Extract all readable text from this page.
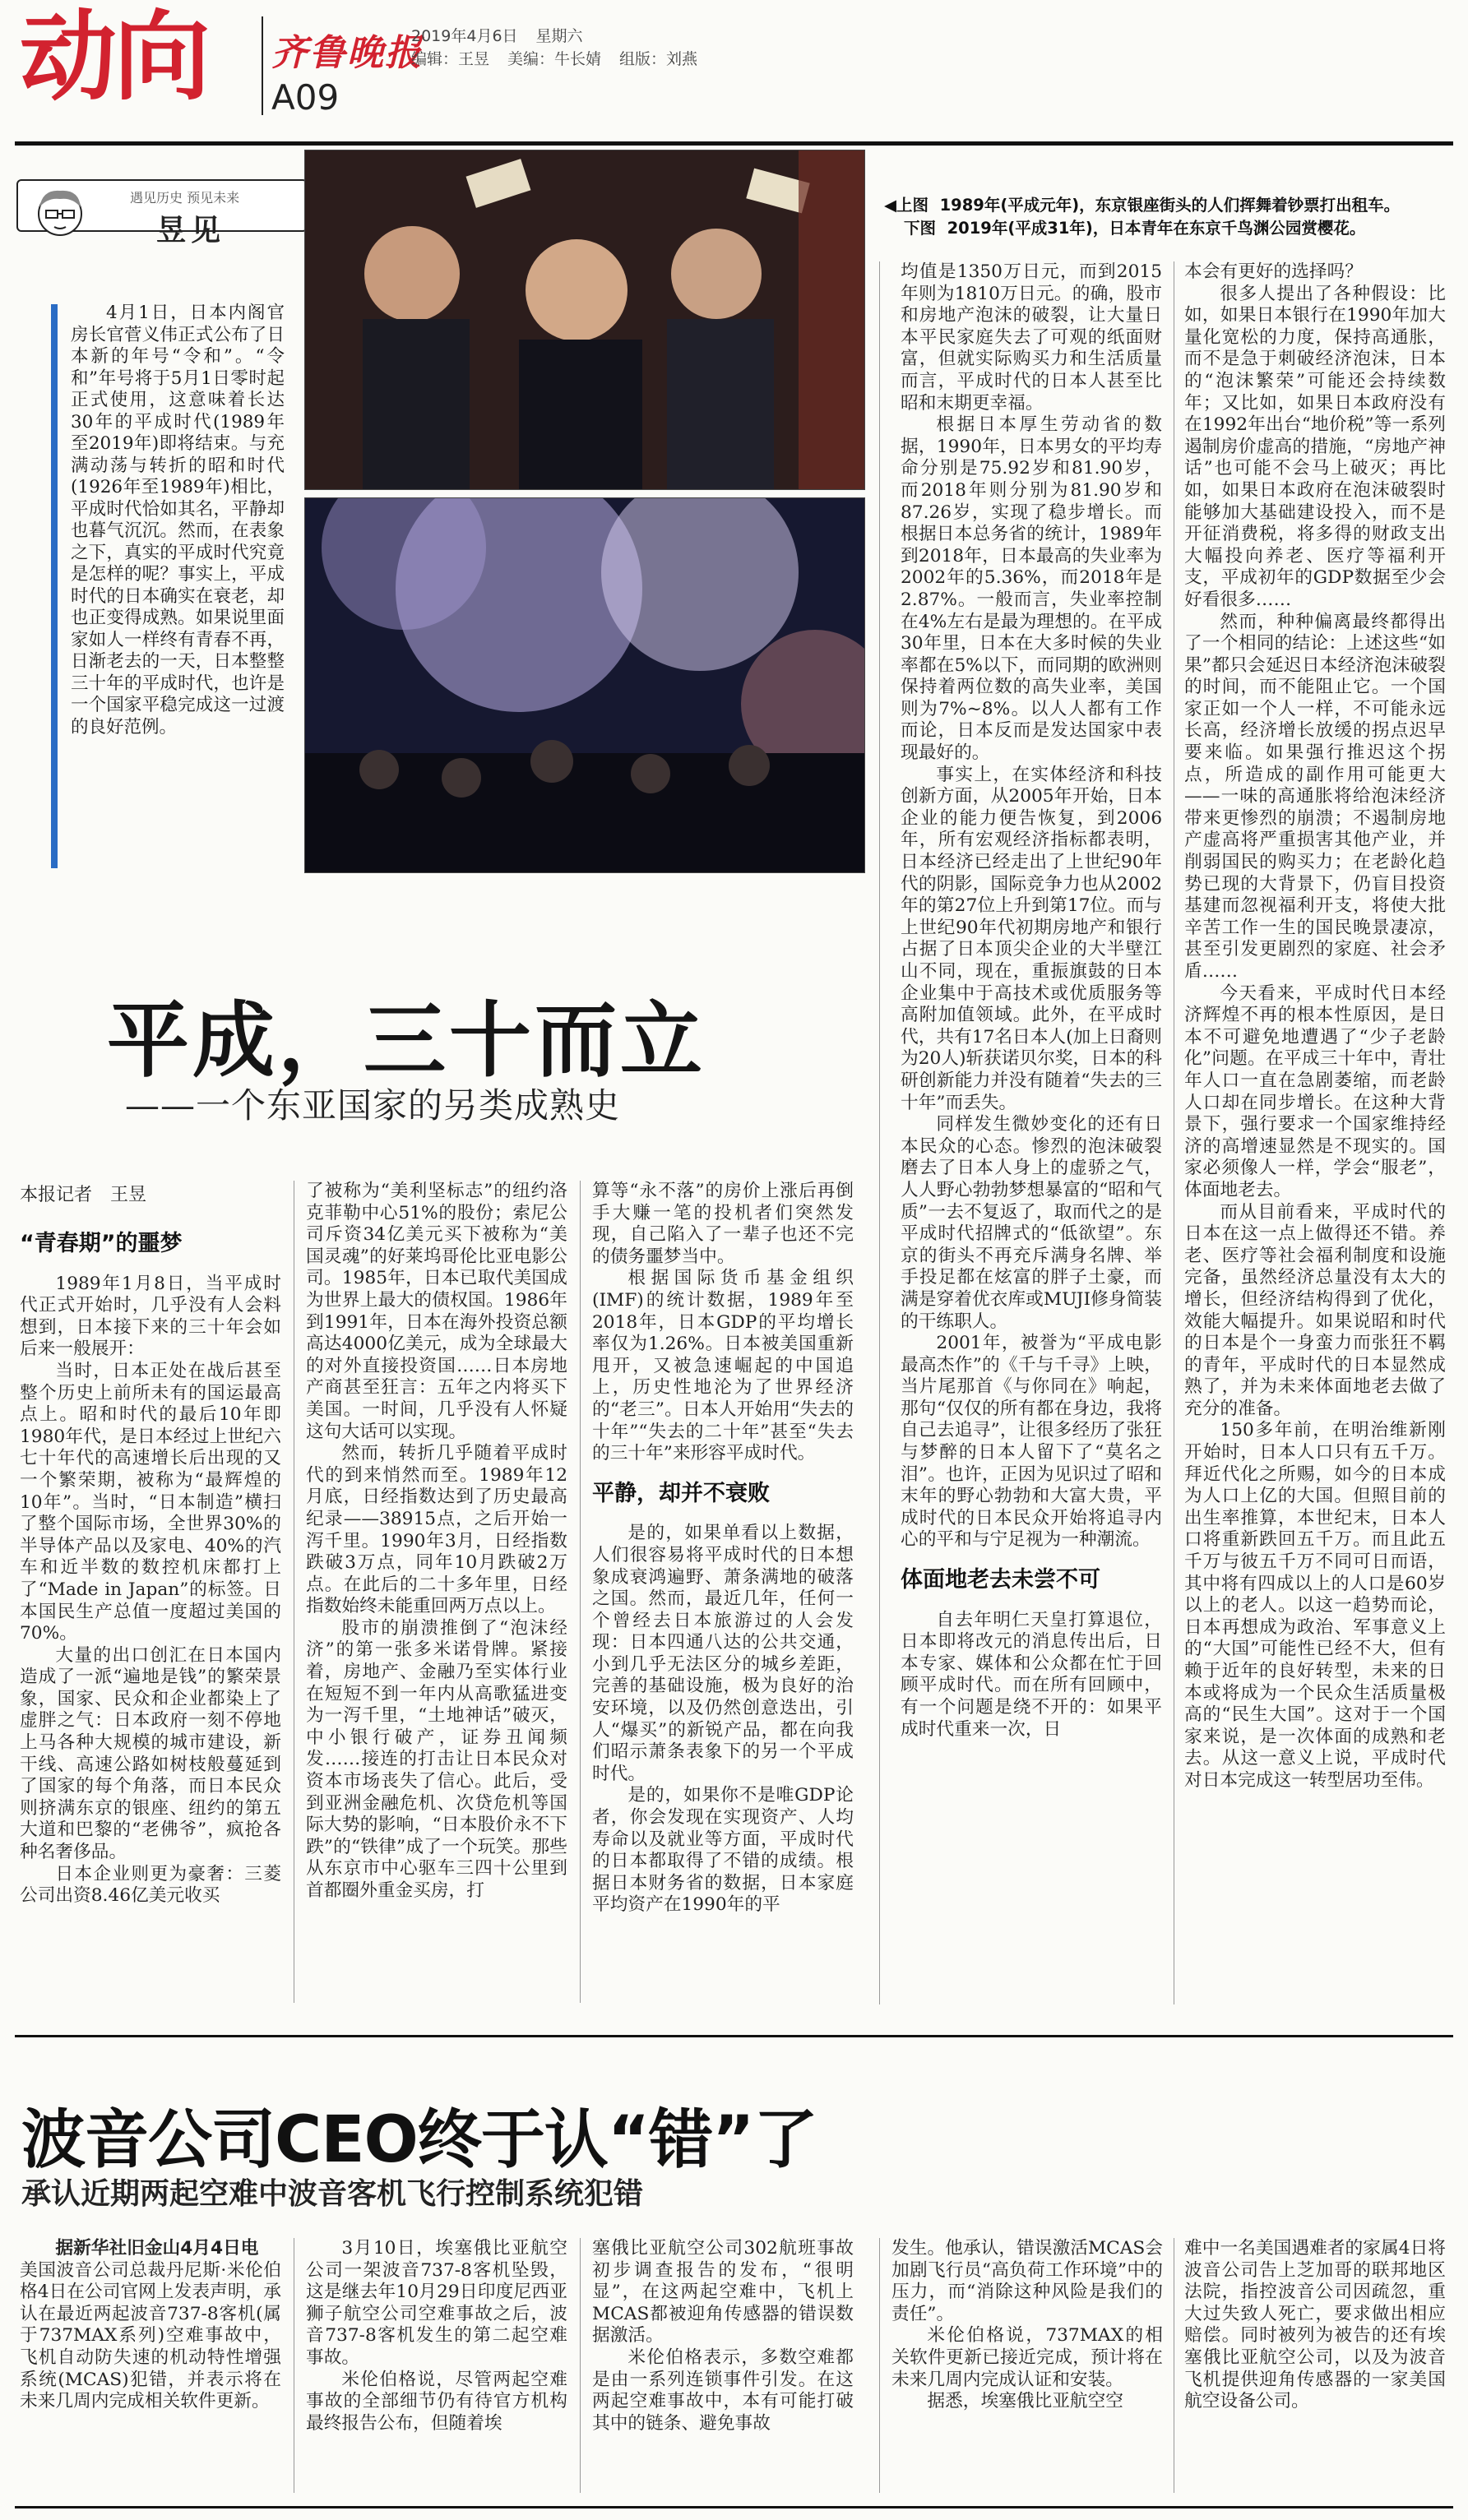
动向 齐鲁晚报
A09
2019年4月6日 星期六
编辑：王昱 美编：牛长婧 组版：刘燕
遇见历史 预见未来
昱见
4月1日，日本内阁官房长官菅义伟正式公布了日本新的年号“令和”。“令和”年号将于5月1日零时起正式使用，这意味着长达30年的平成时代(1989年至2019年)即将结束。与充满动荡与转折的昭和时代(1926年至1989年)相比，平成时代恰如其名，平静却也暮气沉沉。然而，在表象之下，真实的平成时代究竟是怎样的呢？事实上，平成时代的日本确实在衰老，却也正变得成熟。如果说里面家如人一样终有青春不再，日渐老去的一天，日本整整三十年的平成时代，也许是一个国家平稳完成这一过渡的良好范例。
◀上图 1989年(平成元年)，东京银座街头的人们挥舞着钞票打出租车。
下图 2019年(平成31年)，日本青年在东京千鸟渊公园赏樱花。

均值是1350万日元，而到2015年则为1810万日元。的确，股市和房地产泡沫的破裂，让大量日本平民家庭失去了可观的纸面财富，但就实际购买力和生活质量而言，平成时代的日本人甚至比昭和末期更幸福。

根据日本厚生劳动省的数据，1990年，日本男女的平均寿命分别是75.92岁和81.90岁，而2018年则分别为81.90岁和87.26岁，实现了稳步增长。而根据日本总务省的统计，1989年到2018年，日本最高的失业率为2002年的5.36%，而2018年是2.87%。一般而言，失业率控制在4%左右是最为理想的。在平成30年里，日本在大多时候的失业率都在5%以下，而同期的欧洲则保持着两位数的高失业率，美国则为7%~8%。以人人都有工作而论，日本反而是发达国家中表现最好的。

事实上，在实体经济和科技创新方面，从2005年开始，日本企业的能力便告恢复，到2006年，所有宏观经济指标都表明，日本经济已经走出了上世纪90年代的阴影，国际竞争力也从2002年的第27位上升到第17位。而与上世纪90年代初期房地产和银行占据了日本顶尖企业的大半壁江山不同，现在，重振旗鼓的日本企业集中于高技术或优质服务等高附加值领域。此外，在平成时代，共有17名日本人(加上日裔则为20人)斩获诺贝尔奖，日本的科研创新能力并没有随着“失去的三十年”而丢失。

同样发生微妙变化的还有日本民众的心态。惨烈的泡沫破裂磨去了日本人身上的虚骄之气，人人野心勃勃梦想暴富的“昭和气质”一去不复返了，取而代之的是平成时代招牌式的“低欲望”。东京的街头不再充斥满身名牌、举手投足都在炫富的胖子土豪，而满是穿着优衣库或MUJI修身简装的干练职人。

2001年，被誉为“平成电影最高杰作”的《千与千寻》上映，当片尾那首《与你同在》响起，那句“仅仅的所有都在身边，我将自己去追寻”，让很多经历了张狂与梦醉的日本人留下了“莫名之泪”。也许，正因为见识过了昭和末年的野心勃勃和大富大贵，平成时代的日本民众开始将追寻内心的平和与宁足视为一种潮流。

体面地老去未尝不可

自去年明仁天皇打算退位，日本即将改元的消息传出后，日本专家、媒体和公众都在忙于回顾平成时代。而在所有回顾中，有一个问题是绕不开的：如果平成时代重来一次，日

本会有更好的选择吗？

很多人提出了各种假设：比如，如果日本银行在1990年加大量化宽松的力度，保持高通胀，而不是急于刺破经济泡沫，日本的“泡沫繁荣”可能还会持续数年；又比如，如果日本政府没有在1992年出台“地价税”等一系列遏制房价虚高的措施，“房地产神话”也可能不会马上破灭；再比如，如果日本政府在泡沫破裂时能够加大基础建设投入，而不是开征消费税，将多得的财政支出大幅投向养老、医疗等福利开支，平成初年的GDP数据至少会好看很多……

然而，种种偏离最终都得出了一个相同的结论：上述这些“如果”都只会延迟日本经济泡沫破裂的时间，而不能阻止它。一个国家正如一个人一样，不可能永远长高，经济增长放缓的拐点迟早要来临。如果强行推迟这个拐点，所造成的副作用可能更大——一味的高通胀将给泡沫经济带来更惨烈的崩溃；不遏制房地产虚高将严重损害其他产业，并削弱国民的购买力；在老龄化趋势已现的大背景下，仍盲目投资基建而忽视福利开支，将使大批辛苦工作一生的国民晚景凄凉，甚至引发更剧烈的家庭、社会矛盾……

今天看来，平成时代日本经济辉煌不再的根本性原因，是日本不可避免地遭遇了“少子老龄化”问题。在平成三十年中，青壮年人口一直在急剧萎缩，而老龄人口却在同步增长。在这种大背景下，强行要求一个国家维持经济的高增速显然是不现实的。国家必须像人一样，学会“服老”，体面地老去。

而从目前看来，平成时代的日本在这一点上做得还不错。养老、医疗等社会福利制度和设施完备，虽然经济总量没有太大的增长，但经济结构得到了优化，效能大幅提升。如果说昭和时代的日本是个一身蛮力而张狂不羁的青年，平成时代的日本显然成熟了，并为未来体面地老去做了充分的准备。

150多年前，在明治维新刚开始时，日本人口只有五千万。拜近代化之所赐，如今的日本成为人口上亿的大国。但照目前的出生率推算，本世纪末，日本人口将重新跌回五千万。而且此五千万与彼五千万不同可日而语，其中将有四成以上的人口是60岁以上的老人。以这一趋势而论，日本再想成为政治、军事意义上的“大国”可能性已经不大，但有赖于近年的良好转型，未来的日本或将成为一个民众生活质量极高的“民生大国”。这对于一个国家来说，是一次体面的成熟和老去。从这一意义上说，平成时代对日本完成这一转型居功至伟。

平成，三十而立
——一个东亚国家的另类成熟史
本报记者　王昱
“青春期”的噩梦

1989年1月8日，当平成时代正式开始时，几乎没有人会料想到，日本接下来的三十年会如后来一般展开：

当时，日本正处在战后甚至整个历史上前所未有的国运最高点上。昭和时代的最后10年即1980年代，是日本经过上世纪六七十年代的高速增长后出现的又一个繁荣期，被称为“最辉煌的10年”。当时，“日本制造”横扫了整个国际市场，全世界30%的半导体产品以及家电、40%的汽车和近半数的数控机床都打上了“Made in Japan”的标签。日本国民生产总值一度超过美国的70%。

大量的出口创汇在日本国内造成了一派“遍地是钱”的繁荣景象，国家、民众和企业都染上了虚胖之气：日本政府一刻不停地上马各种大规模的城市建设，新干线、高速公路如树枝般蔓延到了国家的每个角落，而日本民众则挤满东京的银座、纽约的第五大道和巴黎的“老佛爷”，疯抢各种名奢侈品。

日本企业则更为豪奢：三菱公司出资8.46亿美元收买

了被称为“美利坚标志”的纽约洛克菲勒中心51%的股份；索尼公司斥资34亿美元买下被称为“美国灵魂”的好莱坞哥伦比亚电影公司。1985年，日本已取代美国成为世界上最大的债权国。1986年到1991年，日本在海外投资总额高达4000亿美元，成为全球最大的对外直接投资国……日本房地产商甚至狂言：五年之内将买下美国。一时间，几乎没有人怀疑这句大话可以实现。

然而，转折几乎随着平成时代的到来悄然而至。1989年12月底，日经指数达到了历史最高纪录——38915点，之后开始一泻千里。1990年3月，日经指数跌破3万点，同年10月跌破2万点。在此后的二十多年里，日经指数始终未能重回两万点以上。

股市的崩溃推倒了“泡沫经济”的第一张多米诺骨牌。紧接着，房地产、金融乃至实体行业在短短不到一年内从高歌猛进变为一泻千里，“土地神话”破灭，中小银行破产，证券丑闻频发……接连的打击让日本民众对资本市场丧失了信心。此后，受到亚洲金融危机、次贷危机等国际大势的影响，“日本股价永不下跌”的“铁律”成了一个玩笑。那些从东京市中心驱车三四十公里到首都圈外重金买房，打

算等“永不落”的房价上涨后再倒手大赚一笔的投机者们突然发现，自己陷入了一辈子也还不完的债务噩梦当中。

根据国际货币基金组织(IMF)的统计数据，1989年至2018年，日本GDP的平均增长率仅为1.26%。日本被美国重新甩开，又被急速崛起的中国追上，历史性地沦为了世界经济的“老三”。日本人开始用“失去的十年”“失去的二十年”甚至“失去的三十年”来形容平成时代。

平静，却并不衰败

是的，如果单看以上数据，人们很容易将平成时代的日本想象成衰鸿遍野、萧条满地的破落之国。然而，最近几年，任何一个曾经去日本旅游过的人会发现：日本四通八达的公共交通，小到几乎无法区分的城乡差距，完善的基础设施，极为良好的治安环境，以及仍然创意迭出，引人“爆买”的新锐产品，都在向我们昭示萧条表象下的另一个平成时代。

是的，如果你不是唯GDP论者，你会发现在实现资产、人均寿命以及就业等方面，平成时代的日本都取得了不错的成绩。根据日本财务省的数据，日本家庭平均资产在1990年的平

波音公司CEO终于认“错”了
承认近期两起空难中波音客机飞行控制系统犯错
据新华社旧金山4月4日电

美国波音公司总裁丹尼斯·米伦伯格4日在公司官网上发表声明，承认在最近两起波音737-8客机(属于737MAX系列)空难事故中，飞机自动防失速的机动特性增强系统(MCAS)犯错，并表示将在未来几周内完成相关软件更新。

3月10日，埃塞俄比亚航空公司一架波音737-8客机坠毁，这是继去年10月29日印度尼西亚狮子航空公司空难事故之后，波音737-8客机发生的第二起空难事故。

米伦伯格说，尽管两起空难事故的全部细节仍有待官方机构最终报告公布，但随着埃

塞俄比亚航空公司302航班事故初步调查报告的发布，“很明显”，在这两起空难中，飞机上MCAS都被迎角传感器的错误数据激活。

米伦伯格表示，多数空难都是由一系列连锁事件引发。在这两起空难事故中，本有可能打破其中的链条、避免事故

发生。他承认，错误激活MCAS会加剧飞行员“高负荷工作环境”中的压力，而“消除这种风险是我们的责任”。

米伦伯格说，737MAX的相关软件更新已接近完成，预计将在未来几周内完成认证和安装。

据悉，埃塞俄比亚航空空

难中一名美国遇难者的家属4日将波音公司告上芝加哥的联邦地区法院，指控波音公司因疏忽，重大过失致人死亡，要求做出相应赔偿。同时被列为被告的还有埃塞俄比亚航空公司，以及为波音飞机提供迎角传感器的一家美国航空设备公司。
